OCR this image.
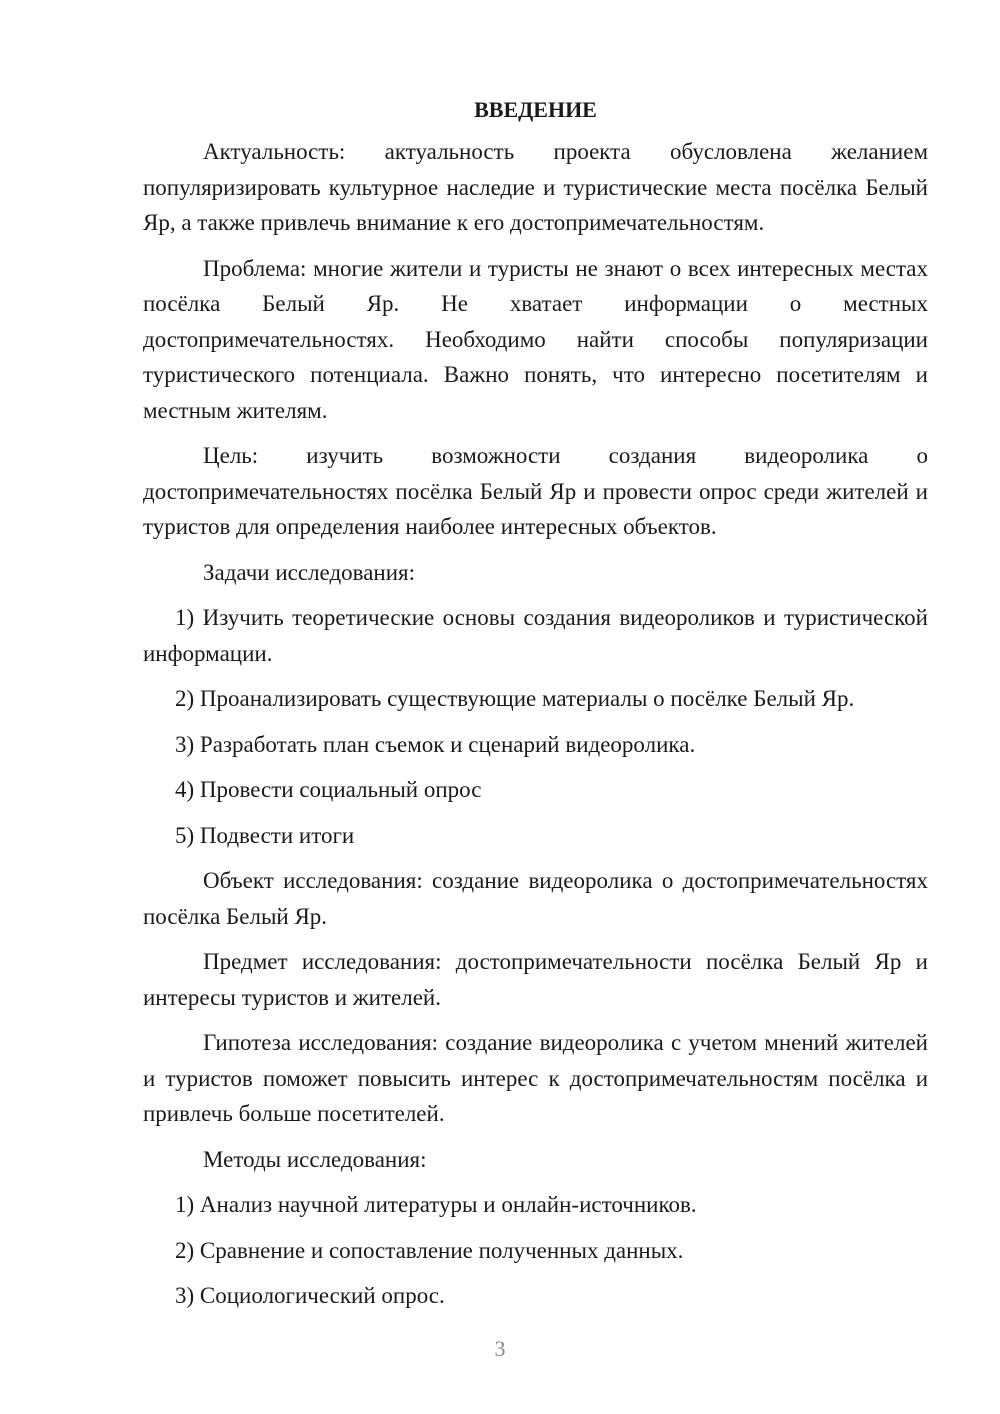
ВВЕДЕНИЕ

Актуальность: актуальность проекта обусловлена желанием популяризировать культурное наследие и туристические места посёлка Белый Яр, а также привлечь внимание к его достопримечательностям.

Проблема: многие жители и туристы не знают о всех интересных местах посёлка Белый Яр. Не хватает информации о местных достопримечательностях. Необходимо найти способы популяризации туристического потенциала. Важно понять, что интересно посетителям и местным жителям.

Цель: изучить возможности создания видеоролика о достопримечательностях посёлка Белый Яр и провести опрос среди жителей и туристов для определения наиболее интересных объектов.

Задачи исследования:

1) Изучить теоретические основы создания видеороликов и туристической информации.

2) Проанализировать существующие материалы о посёлке Белый Яр.

3) Разработать план съемок и сценарий видеоролика.

4) Провести социальный опрос

5) Подвести итоги

Объект исследования: создание видеоролика о достопримечательностях посёлка Белый Яр.

Предмет исследования: достопримечательности посёлка Белый Яр и интересы туристов и жителей.

Гипотеза исследования: создание видеоролика с учетом мнений жителей и туристов поможет повысить интерес к достопримечательностям посёлка и привлечь больше посетителей.

Методы исследования:

1) Анализ научной литературы и онлайн-источников.

2) Сравнение и сопоставление полученных данных.

3) Социологический опрос.

3
